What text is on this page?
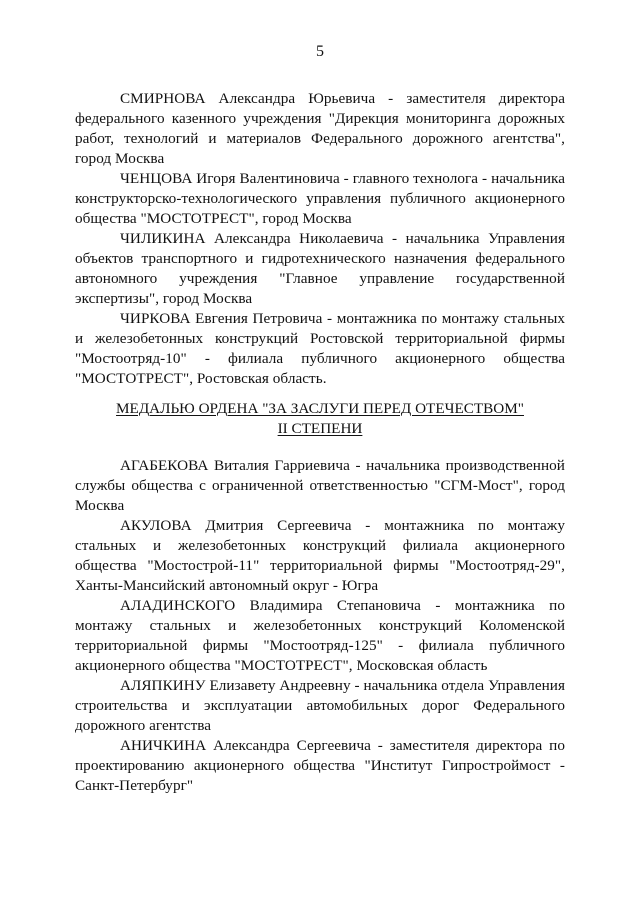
5

СМИРНОВА Александра Юрьевича - заместителя директора федерального казенного учреждения "Дирекция мониторинга дорожных работ, технологий и материалов Федерального дорожного агентства", город Москва

ЧЕНЦОВА Игоря Валентиновича - главного технолога - начальника конструкторско-технологического управления публичного акционерного общества "МОСТОТРЕСТ", город Москва

ЧИЛИКИНА Александра Николаевича - начальника Управления объектов транспортного и гидротехнического назначения федерального автономного учреждения "Главное управление государственной экспертизы", город Москва

ЧИРКОВА Евгения Петровича - монтажника по монтажу стальных и железобетонных конструкций Ростовской территориальной фирмы "Мостоотряд-10" - филиала публичного акционерного общества "МОСТОТРЕСТ", Ростовская область.

МЕДАЛЬЮ ОРДЕНА "ЗА ЗАСЛУГИ ПЕРЕД ОТЕЧЕСТВОМ"
II СТЕПЕНИ

АГАБЕКОВА Виталия Гарриевича - начальника производственной службы общества с ограниченной ответственностью "СГМ-Мост", город Москва

АКУЛОВА Дмитрия Сергеевича - монтажника по монтажу стальных и железобетонных конструкций филиала акционерного общества "Мостострой-11" территориальной фирмы "Мостоотряд-29", Ханты-Мансийский автономный округ - Югра

АЛАДИНСКОГО Владимира Степановича - монтажника по монтажу стальных и железобетонных конструкций Коломенской территориальной фирмы "Мостоотряд-125" - филиала публичного акционерного общества "МОСТОТРЕСТ", Московская область

АЛЯПКИНУ Елизавету Андреевну - начальника отдела Управления строительства и эксплуатации автомобильных дорог Федерального дорожного агентства

АНИЧКИНА Александра Сергеевича - заместителя директора по проектированию акционерного общества "Институт Гипростроймост - Санкт-Петербург"
